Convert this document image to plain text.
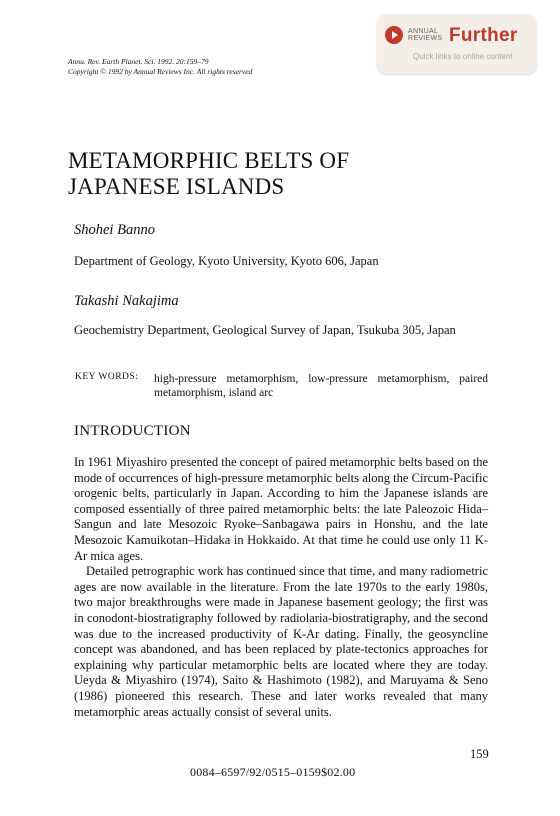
ANNUAL
REVIEWS Further
Quick links to online content
Annu. Rev. Earth Planet. Sci. 1992. 20:159–79
Copyright © 1992 by Annual Reviews Inc. All rights reserved
METAMORPHIC BELTS OF
JAPANESE ISLANDS
Shohei Banno
Department of Geology, Kyoto University, Kyoto 606, Japan
Takashi Nakajima
Geochemistry Department, Geological Survey of Japan, Tsukuba 305, Japan
KEY WORDS: high-pressure metamorphism, low-pressure metamorphism, paired metamorphism, island arc
INTRODUCTION

In 1961 Miyashiro presented the concept of paired metamorphic belts based on the mode of occurrences of high-pressure metamorphic belts along the Circum-Pacific orogenic belts, particularly in Japan. According to him the Japanese islands are composed essentially of three paired metamorphic belts: the late Paleozoic Hida–Sangun and late Mesozoic Ryoke–Sanbagawa pairs in Honshu, and the late Mesozoic Kamuikotan–Hidaka in Hokkaido. At that time he could use only 11 K-Ar mica ages.

Detailed petrographic work has continued since that time, and many radiometric ages are now available in the literature. From the late 1970s to the early 1980s, two major breakthroughs were made in Japanese basement geology; the first was in conodont-biostratigraphy followed by radiolaria-biostratigraphy, and the second was due to the increased productivity of K-Ar dating. Finally, the geosyncline concept was abandoned, and has been replaced by plate-tectonics approaches for explaining why particular metamorphic belts are located where they are today. Ueyda & Miyashiro (1974), Saito & Hashimoto (1982), and Maruyama & Seno (1986) pioneered this research. These and later works revealed that many metamorphic areas actually consist of several units.

159
0084–6597/92/0515–0159$02.00
